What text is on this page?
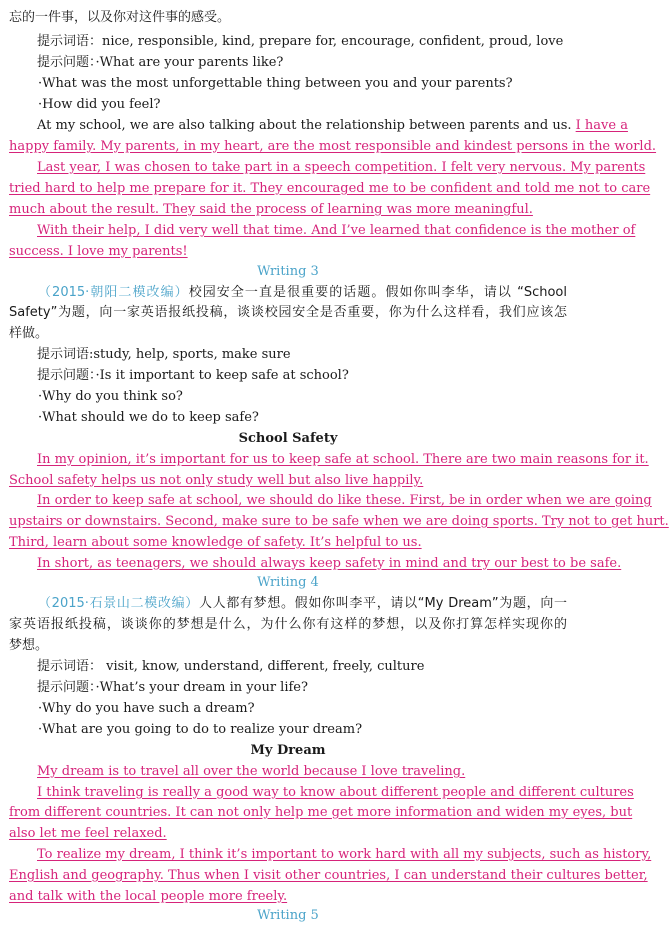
忘的一件事，以及你对这件事的感受。
提示词语：nice, responsible, kind, prepare for, encourage, confident, proud, love
提示问题：·What are your parents like?
·What was the most unforgettable thing between you and your parents?
·How did you feel?
At my school, we are also talking about the relationship between parents and us. I have a
happy family. My parents, in my heart, are the most responsible and kindest persons in the world.
Last year, I was chosen to take part in a speech competition. I felt very nervous. My parents
tried hard to help me prepare for it. They encouraged me to be confident and told me not to care
much about the result. They said the process of learning was more meaningful.
With their help, I did very well that time. And I’ve learned that confidence is the mother of
success. I love my parents!
Writing 3
（2015·朝阳二模改编）校园安全一直是很重要的话题。假如你叫李华，请以 “School
Safety”为题，向一家英语报纸投稿，谈谈校园安全是否重要，你为什么这样看，我们应该怎
样做。
提示词语:study, help, sports, make sure
提示问题：·Is it important to keep safe at school?
·Why do you think so?
·What should we do to keep safe?
School Safety
In my opinion, it’s important for us to keep safe at school. There are two main reasons for it.
School safety helps us not only study well but also live happily.
In order to keep safe at school, we should do like these. First, be in order when we are going
upstairs or downstairs. Second, make sure to be safe when we are doing sports. Try not to get hurt.
Third, learn about some knowledge of safety. It’s helpful to us.
In short, as teenagers, we should always keep safety in mind and try our best to be safe.
Writing 4
（2015·石景山二模改编）人人都有梦想。假如你叫李平，请以“My Dream”为题，向一
家英语报纸投稿，谈谈你的梦想是什么，为什么你有这样的梦想，以及你打算怎样实现你的
梦想。
提示词语： visit, know, understand, different, freely, culture
提示问题：·What’s your dream in your life?
·Why do you have such a dream?
·What are you going to do to realize your dream?
My Dream
My dream is to travel all over the world because I love traveling.
I think traveling is really a good way to know about different people and different cultures
from different countries. It can not only help me get more information and widen my eyes, but
also let me feel relaxed.
To realize my dream, I think it’s important to work hard with all my subjects, such as history,
English and geography. Thus when I visit other countries, I can understand their cultures better,
and talk with the local people more freely.
Writing 5
